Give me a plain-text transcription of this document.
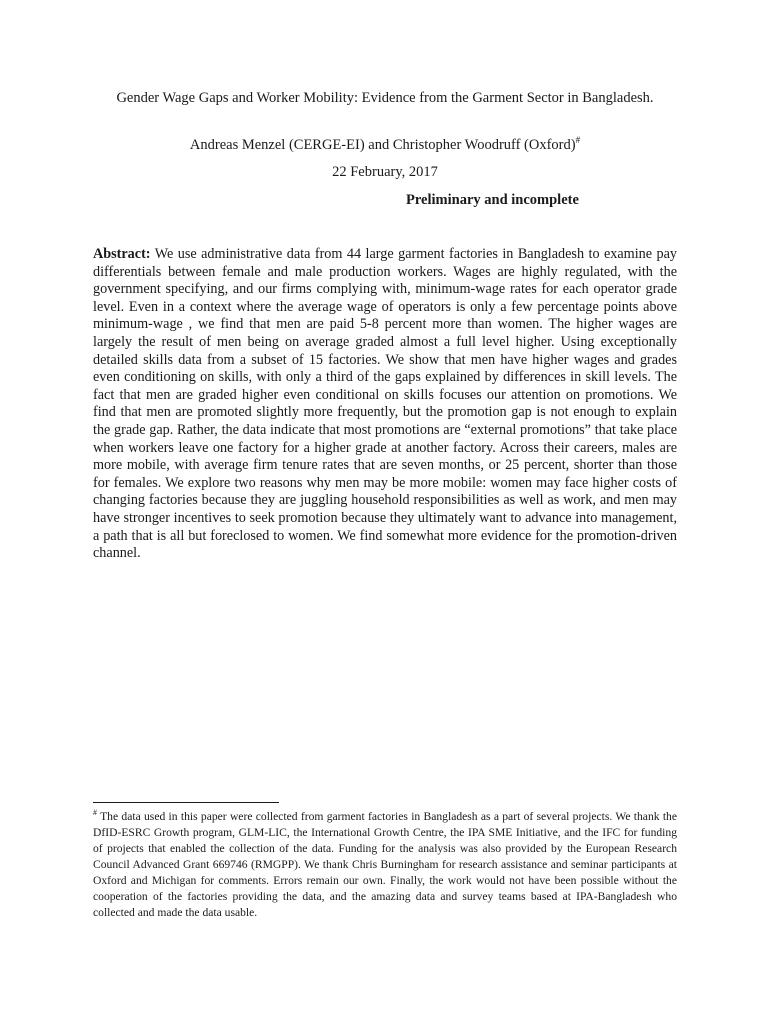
Gender Wage Gaps and Worker Mobility: Evidence from the Garment Sector in Bangladesh.
Andreas Menzel (CERGE-EI) and Christopher Woodruff (Oxford)#
22 February, 2017
Preliminary and incomplete
Abstract: We use administrative data from 44 large garment factories in Bangladesh to examine pay differentials between female and male production workers. Wages are highly regulated, with the government specifying, and our firms complying with, minimum-wage rates for each operator grade level. Even in a context where the average wage of operators is only a few percentage points above minimum-wage , we find that men are paid 5-8 percent more than women. The higher wages are largely the result of men being on average graded almost a full level higher. Using exceptionally detailed skills data from a subset of 15 factories. We show that men have higher wages and grades even conditioning on skills, with only a third of the gaps explained by differences in skill levels. The fact that men are graded higher even conditional on skills focuses our attention on promotions. We find that men are promoted slightly more frequently, but the promotion gap is not enough to explain the grade gap. Rather, the data indicate that most promotions are “external promotions” that take place when workers leave one factory for a higher grade at another factory. Across their careers, males are more mobile, with average firm tenure rates that are seven months, or 25 percent, shorter than those for females. We explore two reasons why men may be more mobile: women may face higher costs of changing factories because they are juggling household responsibilities as well as work, and men may have stronger incentives to seek promotion because they ultimately want to advance into management, a path that is all but foreclosed to women. We find somewhat more evidence for the promotion-driven channel.
# The data used in this paper were collected from garment factories in Bangladesh as a part of several projects. We thank the DfID-ESRC Growth program, GLM-LIC, the International Growth Centre, the IPA SME Initiative, and the IFC for funding of projects that enabled the collection of the data. Funding for the analysis was also provided by the European Research Council Advanced Grant 669746 (RMGPP). We thank Chris Burningham for research assistance and seminar participants at Oxford and Michigan for comments. Errors remain our own. Finally, the work would not have been possible without the cooperation of the factories providing the data, and the amazing data and survey teams based at IPA-Bangladesh who collected and made the data usable.
